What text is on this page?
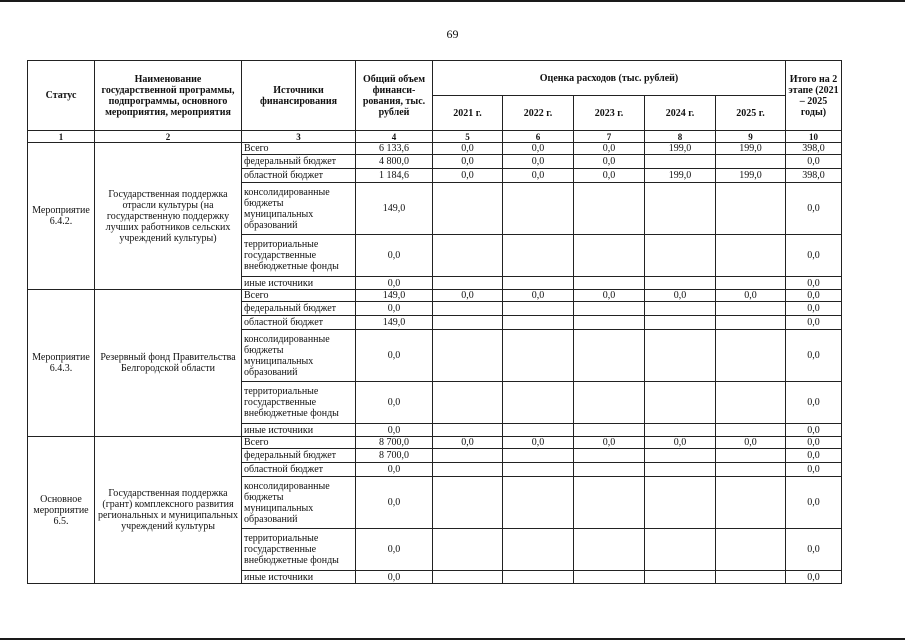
69
Статус	Наименование государственной программы, подпрограммы, основного мероприятия, мероприятия	Источники финансирования	Общий объем финанси-рования, тыс. рублей	Оценка расходов (тыс. рублей)					Итого на 2 этапе (2021 – 2025 годы)
				2021 г.	2022 г.	2023 г.	2024 г.	2025 г.	
1	2	3	4	5	6	7	8	9	10
Мероприятие 6.4.2.	Государственная поддержка отрасли культуры (на государственную поддержку лучших работников сельских учреждений культуры)	Всего	6 133,6	0,0	0,0	0,0	199,0	199,0	398,0
		федеральный бюджет	4 800,0	0,0	0,0	0,0			0,0
		областной бюджет	1 184,6	0,0	0,0	0,0	199,0	199,0	398,0
		консолидированные бюджеты муниципальных образований	149,0						0,0
		территориальные государственные внебюджетные фонды	0,0						0,0
		иные источники	0,0						0,0
Мероприятие 6.4.3.	Резервный фонд Правительства Белгородской области	Всего	149,0	0,0	0,0	0,0	0,0	0,0	0,0
		федеральный бюджет	0,0						0,0
		областной бюджет	149,0						0,0
		консолидированные бюджеты муниципальных образований	0,0						0,0
		территориальные государственные внебюджетные фонды	0,0						0,0
		иные источники	0,0						0,0
Основное мероприятие 6.5.	Государственная поддержка (грант) комплексного развития региональных и муниципальных учреждений культуры	Всего	8 700,0	0,0	0,0	0,0	0,0	0,0	0,0
		федеральный бюджет	8 700,0						0,0
		областной бюджет	0,0						0,0
		консолидированные бюджеты муниципальных образований	0,0						0,0
		территориальные государственные внебюджетные фонды	0,0						0,0
		иные источники	0,0						0,0
